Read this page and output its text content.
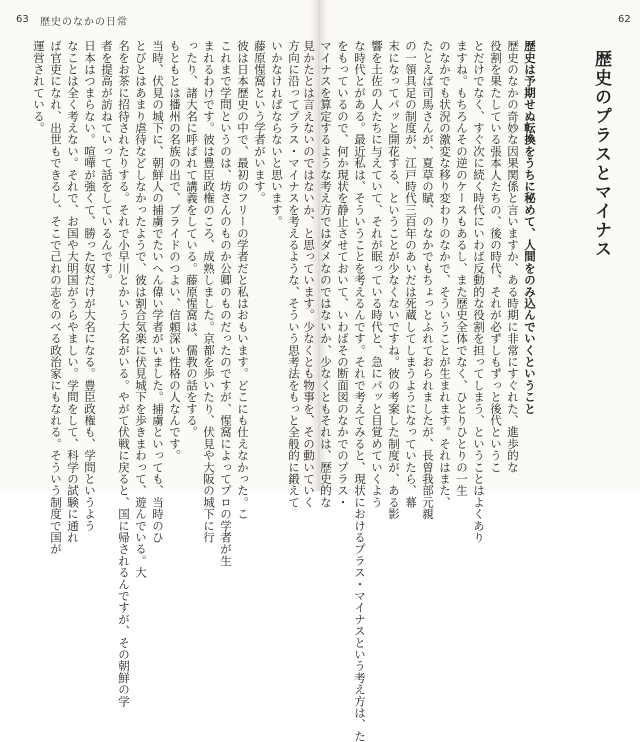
63 歴史のなかの日常
方向に沿ってプラス・マイナスを考えるような、そういう思考法をもっと全般的に鍛えて
いかなければならないと思います。
藤原惺窩という学者がいます。
彼は日本歴史の中で、最初のフリーの学者だと私はおもいます。どこにも仕えなかった。こ
これまで学問というのは、坊さんのものか公卿のものだったのですが、惺窩によってプロの学者が生
まれるわけです。彼は豊臣政権のころ、成熟しました。京都を歩いたり、伏見や大阪の城下に行
ったり、諸大名に呼ばれて講義をしている。藤原惺窩は、儒教の話をする。
もともとは播州の名族の出で、プライドのつよい、信頼深い性格の人なんです。
当時、伏見の城下に、朝鮮人の捕虜でたいへん偉い学者がいました。捕虜といっても、当時のひ
とびとはあまり虐待などしなかったようで、彼は割合気楽に伏見城下を歩きまわって、遊んでいる。大
名をお茶に招待されたりする。それで小早川とかいう大名がいる。やがて伏戦に戻ると、国に帰されるんですが、その朝鮮の学
者を提高が訪ねていって話をしているんです。
日本はつまらない。喧嘩が強くて、勝った奴だけが大名になる。豊臣政権も、学問というよう
なことは全く考えない。それで、お国や大明国がうらやましい。学問をして、科学の試験に通れ
ば官吏になれ、出世もできるし、そこで己れの志をのべる政治家にもなれる。そういう制度で国が
運営されている。
62
歴史のプラスとマイナス

歴史は予期せぬ転換をうちに秘めて、人間をのみ込んでいくということ
歴史のなかの奇妙な因果関係と言いますか、ある時期に非常にすぐれた、進歩的な
役割を果たしている張本人たちの、後の時代、それが必ずしもずっと後代というこ
とだけでなく、すぐ次に続く時代にいわば反動的な役割を担ってしまう、ということはよくあり
ますね。もちろんその逆のケースもあるし、また歴史全体でなく、ひとりひとりの一生
のなかでも状況の激変な移り変わりのなかで、そういうことが生まれます。それはまた、
たとえば司馬さんが、夏草の賦、のなかでもちょっとふれておられましたが、長曽我部元親
の一領具足の制度が、江戸時代三百年のあいだは死蔵してしまうようになっていたら、幕
末になってパッと開花する、ということが少なくないですね。彼の考案した制度が、ある影
響を土佐の人たちに与えていて、それが眠っている時代と、急にパッと目覚めていくよう
な時代とがある。最近私は、そういうことを考えるんです。それで考えてみると、現状におけるプラス・マイナスという考え方は、た
をもっているので、何か現状を静止させておいて、いわばその断面図のなかでのプラス・
マイナスを算定するような考え方ではダメなのではないか、少なくともそれは、歴史的な
見かたとは言えないのではないか、と思っています。少なくとも物事を、その動いていく
